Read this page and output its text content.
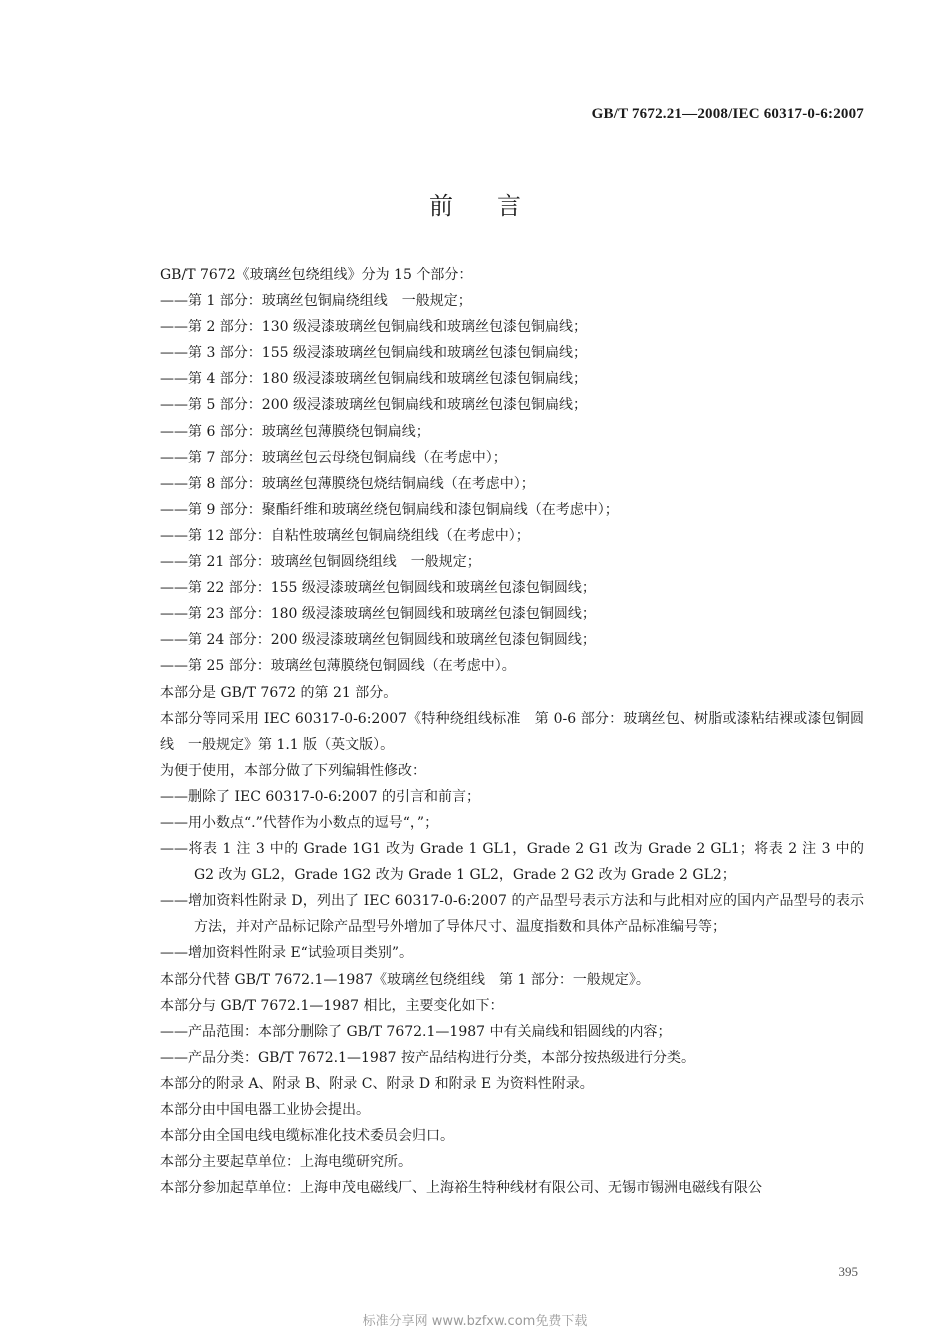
GB/T 7672.21—2008/IEC 60317-0-6:2007
前言
GB/T 7672《玻璃丝包绕组线》分为 15 个部分：
——第 1 部分：玻璃丝包铜扁绕组线　一般规定；
——第 2 部分：130 级浸漆玻璃丝包铜扁线和玻璃丝包漆包铜扁线；
——第 3 部分：155 级浸漆玻璃丝包铜扁线和玻璃丝包漆包铜扁线；
——第 4 部分：180 级浸漆玻璃丝包铜扁线和玻璃丝包漆包铜扁线；
——第 5 部分：200 级浸漆玻璃丝包铜扁线和玻璃丝包漆包铜扁线；
——第 6 部分：玻璃丝包薄膜绕包铜扁线；
——第 7 部分：玻璃丝包云母绕包铜扁线（在考虑中）；
——第 8 部分：玻璃丝包薄膜绕包烧结铜扁线（在考虑中）；
——第 9 部分：聚酯纤维和玻璃丝绕包铜扁线和漆包铜扁线（在考虑中）；
——第 12 部分：自粘性玻璃丝包铜扁绕组线（在考虑中）；
——第 21 部分：玻璃丝包铜圆绕组线　一般规定；
——第 22 部分：155 级浸漆玻璃丝包铜圆线和玻璃丝包漆包铜圆线；
——第 23 部分：180 级浸漆玻璃丝包铜圆线和玻璃丝包漆包铜圆线；
——第 24 部分：200 级浸漆玻璃丝包铜圆线和玻璃丝包漆包铜圆线；
——第 25 部分：玻璃丝包薄膜绕包铜圆线（在考虑中）。
本部分是 GB/T 7672 的第 21 部分。
本部分等同采用 IEC 60317-0-6:2007《特种绕组线标准　第 0-6 部分：玻璃丝包、树脂或漆粘结裸或漆包铜圆线　一般规定》第 1.1 版（英文版）。
为便于使用，本部分做了下列编辑性修改：
——删除了 IEC 60317-0-6:2007 的引言和前言；
——用小数点“.”代替作为小数点的逗号“，”；
——将表 1 注 3 中的 Grade 1G1 改为 Grade 1 GL1，Grade 2 G1 改为 Grade 2 GL1；将表 2 注 3 中的 G2 改为 GL2，Grade 1G2 改为 Grade 1 GL2，Grade 2 G2 改为 Grade 2 GL2；
——增加资料性附录 D，列出了 IEC 60317-0-6:2007 的产品型号表示方法和与此相对应的国内产品型号的表示方法，并对产品标记除产品型号外增加了导体尺寸、温度指数和具体产品标准编号等；
——增加资料性附录 E“试验项目类别”。
本部分代替 GB/T 7672.1—1987《玻璃丝包绕组线　第 1 部分：一般规定》。
本部分与 GB/T 7672.1—1987 相比，主要变化如下：
——产品范围：本部分删除了 GB/T 7672.1—1987 中有关扁线和铝圆线的内容；
——产品分类：GB/T 7672.1—1987 按产品结构进行分类，本部分按热级进行分类。
本部分的附录 A、附录 B、附录 C、附录 D 和附录 E 为资料性附录。
本部分由中国电器工业协会提出。
本部分由全国电线电缆标准化技术委员会归口。
本部分主要起草单位：上海电缆研究所。
本部分参加起草单位：上海申茂电磁线厂、上海裕生特种线材有限公司、无锡市锡洲电磁线有限公
395
标准分享网 www.bzfxw.com免费下载
